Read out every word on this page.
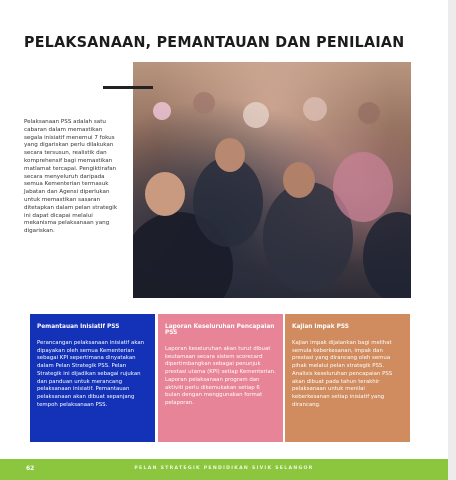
PELAKSANAAN, PEMANTAUAN DAN PENILAIAN

Pelaksanaan PSS adalah satu cabaran dalam memastikan segala inisiatif menemui 7 fokus yang digariskan perlu dilakukan secara tersusun, realistik dan komprehensif bagi memastikan matlamat tercapai. Pengiktirafan secara menyeluruh daripada semua Kementerian termasuk Jabatan dan Agensi diperlukan untuk memastikan sasaran ditetapkan dalam pelan strategik ini dapat dicapai melalui mekanisma pelaksanaan yang digariskan.

Pemantauan Inisiatif PSS
Perancangan pelaksanaan inisiatif akan dipayakan oleh semua Kementerian sebagai KPI sepertimana dinyatakan dalam Pelan Strategik PSS. Pelan Strategik ini dijadikan sebagai rujukan dan panduan untuk merancang pelaksanaan inisiatif. Pemantauan pelaksanaan akan dibuat sepanjang tempoh pelaksanaan PSS.
Laporan Keseluruhan Pencapaian PSS
Laporan keseluruhan akan turut dibuat keutamaan secara sistem scorecard dipertimbangkan sebagai penunjuk prestasi utama (KPI) setiap Kementerian. Laporan pelaksanaan program dan aktiviti perlu dikemukakan setiap 6 bulan dengan menggunakan format pelaporan.
Kajian Impak PSS
Kajian impak dijalankan bagi melihat semula keberkesanan, impak dan prestasi yang dirancang oleh semua pihak melalui pelan strategik PSS. Analisis keseluruhan pencapaian PSS akan dibuat pada tahun terakhir pelaksanaan untuk menilai keberkesanan setiap inisiatif yang dirancang.
62	PELAN STRATEGIK PENDIDIKAN SIVIK SELANGOR
